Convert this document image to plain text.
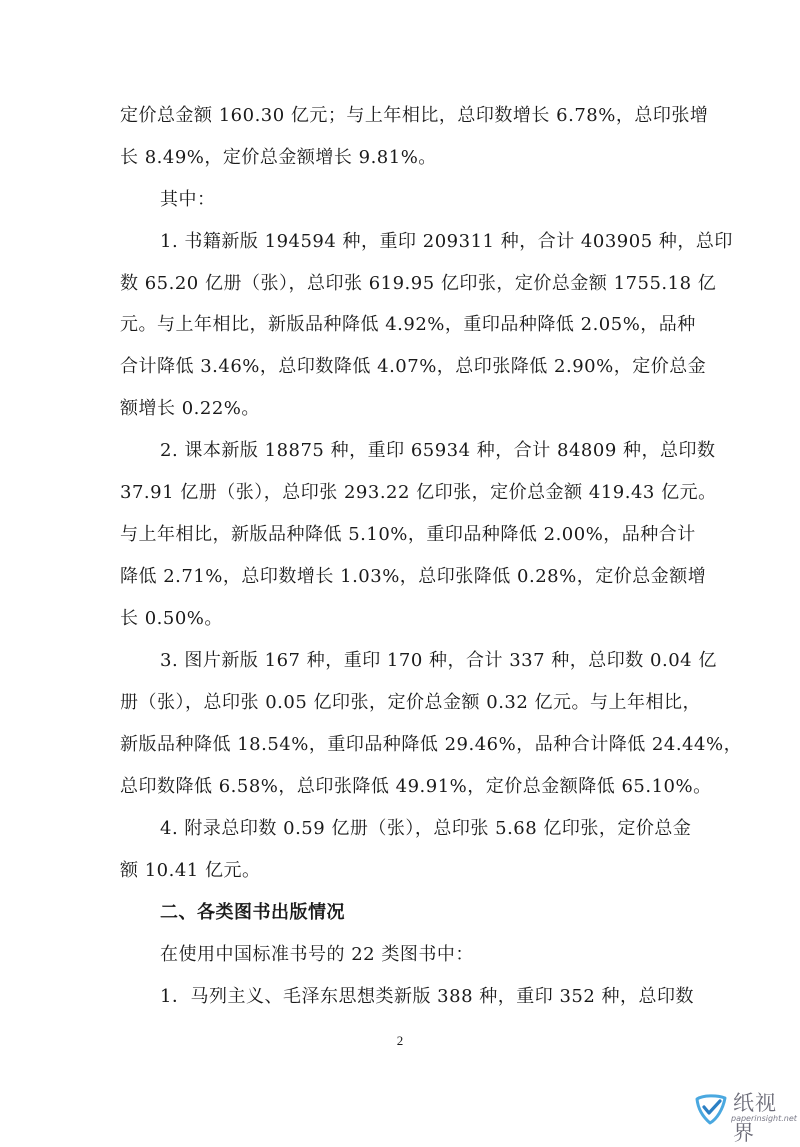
定价总金额 160.30 亿元；与上年相比，总印数增长 6.78%，总印张增
长 8.49%，定价总金额增长 9.81%。
其中：
1. 书籍新版 194594 种，重印 209311 种，合计 403905 种，总印
数 65.20 亿册（张），总印张 619.95 亿印张，定价总金额 1755.18 亿
元。与上年相比，新版品种降低 4.92%，重印品种降低 2.05%，品种
合计降低 3.46%，总印数降低 4.07%，总印张降低 2.90%，定价总金
额增长 0.22%。
2. 课本新版 18875 种，重印 65934 种，合计 84809 种，总印数
37.91 亿册（张），总印张 293.22 亿印张，定价总金额 419.43 亿元。
与上年相比，新版品种降低 5.10%，重印品种降低 2.00%，品种合计
降低 2.71%，总印数增长 1.03%，总印张降低 0.28%，定价总金额增
长 0.50%。
3. 图片新版 167 种，重印 170 种，合计 337 种，总印数 0.04 亿
册（张），总印张 0.05 亿印张，定价总金额 0.32 亿元。与上年相比，
新版品种降低 18.54%，重印品种降低 29.46%，品种合计降低 24.44%，
总印数降低 6.58%，总印张降低 49.91%，定价总金额降低 65.10%。
4. 附录总印数 0.59 亿册（张），总印张 5.68 亿印张，定价总金
额 10.41 亿元。
二、各类图书出版情况
在使用中国标准书号的 22 类图书中：
1．马列主义、毛泽东思想类新版 388 种，重印 352 种，总印数
2
纸视界
paperinsight.net
